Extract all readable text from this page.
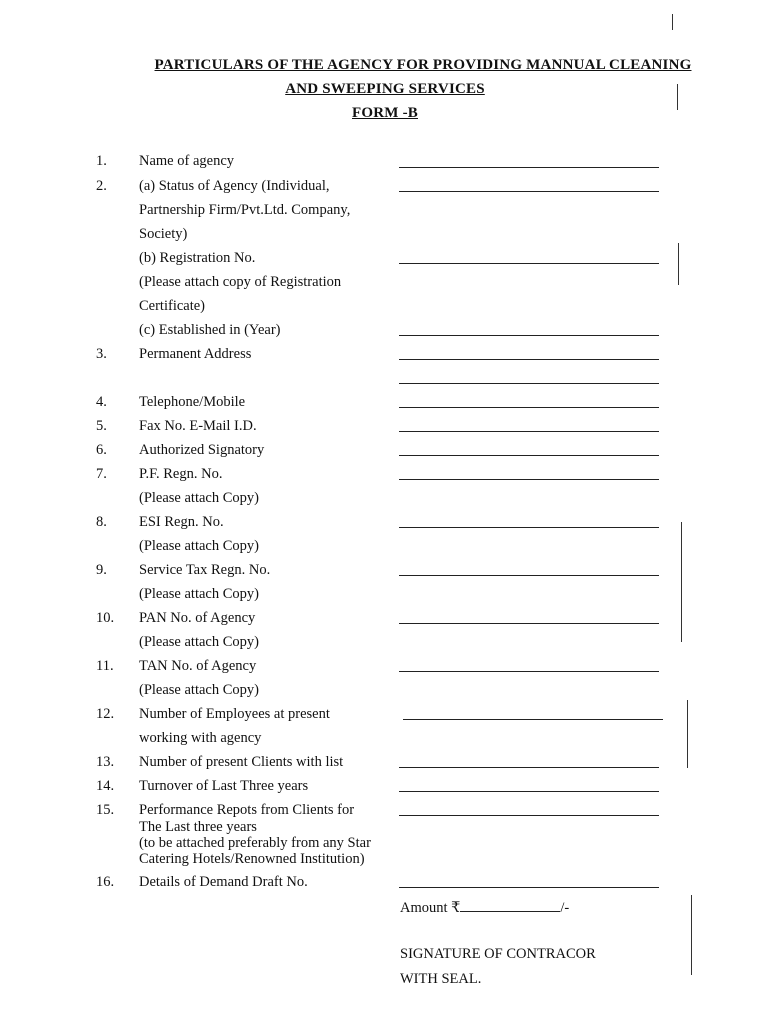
PARTICULARS OF THE AGENCY FOR PROVIDING MANNUAL CLEANING
AND SWEEPING SERVICES
FORM -B
1. Name of agency
2. (a) Status of Agency (Individual,
Partnership Firm/Pvt.Ltd. Company,
Society)
(b) Registration No.
(Please attach copy of Registration
Certificate)
(c) Established in (Year)
3. Permanent Address
4. Telephone/Mobile
5. Fax No. E-Mail I.D.
6. Authorized Signatory
7. P.F. Regn. No.
(Please attach Copy)
8. ESI Regn. No.
(Please attach Copy)
9. Service Tax Regn. No.
(Please attach Copy)
10. PAN No. of Agency
(Please attach Copy)
11. TAN No. of Agency
(Please attach Copy)
12. Number of Employees at present
working with agency
13. Number of present Clients with list
14. Turnover of Last Three years
15. Performance Repots from Clients for
The Last three years
(to be attached preferably from any Star
Catering Hotels/Renowned Institution)
16. Details of Demand Draft No.
Amount ₹	/-
SIGNATURE OF CONTRACOR
WITH SEAL.
